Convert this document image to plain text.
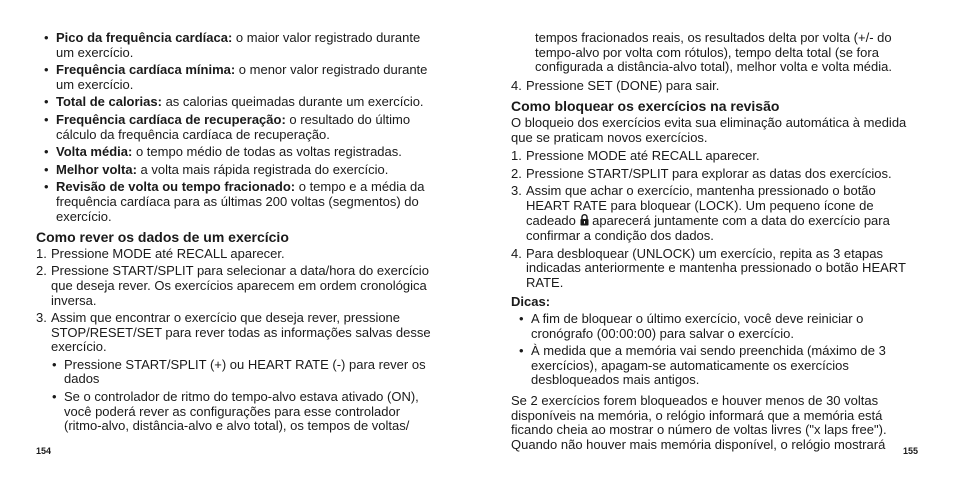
• Pico da frequência cardíaca: o maior valor registrado durante um exercício.
• Frequência cardíaca mínima: o menor valor registrado durante um exercício.
• Total de calorias: as calorias queimadas durante um exercício.
• Frequência cardíaca de recuperação: o resultado do último cálculo da frequência cardíaca de recuperação.
• Volta média: o tempo médio de todas as voltas registradas.
• Melhor volta: a volta mais rápida registrada do exercício.
• Revisão de volta ou tempo fracionado: o tempo e a média da frequência cardíaca para as últimas 200 voltas (segmentos) do exercício.
Como rever os dados de um exercício
1. Pressione MODE até RECALL aparecer.
2. Pressione START/SPLIT para selecionar a data/hora do exercício que deseja rever. Os exercícios aparecem em ordem cronológica inversa.
3. Assim que encontrar o exercício que deseja rever, pressione STOP/RESET/SET para rever todas as informações salvas desse exercício.
• Pressione START/SPLIT (+) ou HEART RATE (-) para rever os dados
• Se o controlador de ritmo do tempo-alvo estava ativado (ON), você poderá rever as configurações para esse controlador (ritmo-alvo, distância-alvo e alvo total), os tempos de voltas/

tempos fracionados reais, os resultados delta por volta (+/- do tempo-alvo por volta com rótulos), tempo delta total (se fora configurada a distância-alvo total), melhor volta e volta média.

4. Pressione SET (DONE) para sair.
Como bloquear os exercícios na revisão

O bloqueio dos exercícios evita sua eliminação automática à medida que se praticam novos exercícios.

1. Pressione MODE até RECALL aparecer.
2. Pressione START/SPLIT para explorar as datas dos exercícios.
3. Assim que achar o exercício, mantenha pressionado o botão HEART RATE para bloquear (LOCK). Um pequeno ícone de cadeado  aparecerá juntamente com a data do exercício para confirmar a condição dos dados.
4. Para desbloquear (UNLOCK) um exercício, repita as 3 etapas indicadas anteriormente e mantenha pressionado o botão HEART RATE.
Dicas:
• A fim de bloquear o último exercício, você deve reiniciar o cronógrafo (00:00:00) para salvar o exercício.
• À medida que a memória vai sendo preenchida (máximo de 3 exercícios), apagam-se automaticamente os exercícios desbloqueados mais antigos.

Se 2 exercícios forem bloqueados e houver menos de 30 voltas disponíveis na memória, o relógio informará que a memória está ficando cheia ao mostrar o número de voltas livres ("x laps free"). Quando não houver mais memória disponível, o relógio mostrará

154	155
